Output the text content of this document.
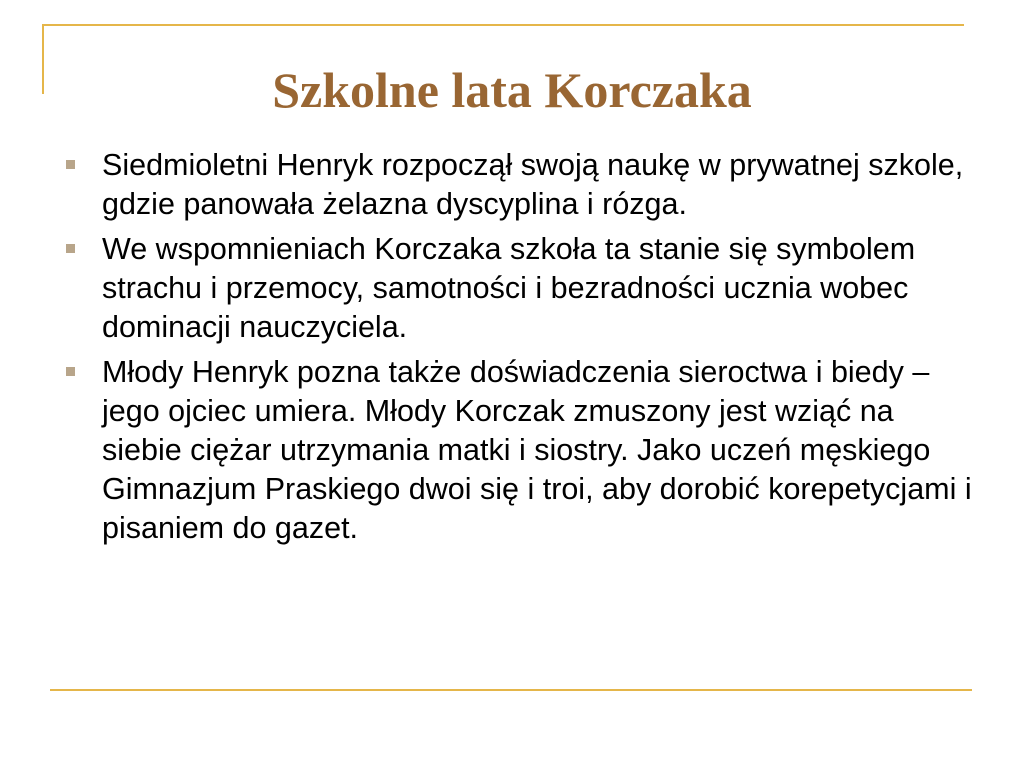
Szkolne lata Korczaka
Siedmioletni Henryk rozpoczął swoją naukę w prywatnej szkole, gdzie panowała żelazna dyscyplina i rózga.
We wspomnieniach Korczaka szkoła ta stanie się symbolem strachu i przemocy, samotności i bezradności ucznia wobec dominacji nauczyciela.
Młody Henryk pozna także doświadczenia sieroctwa i biedy – jego ojciec umiera. Młody Korczak zmuszony jest wziąć na siebie ciężar utrzymania matki i siostry. Jako uczeń męskiego Gimnazjum Praskiego dwoi się i troi, aby dorobić korepetycjami i pisaniem do gazet.
